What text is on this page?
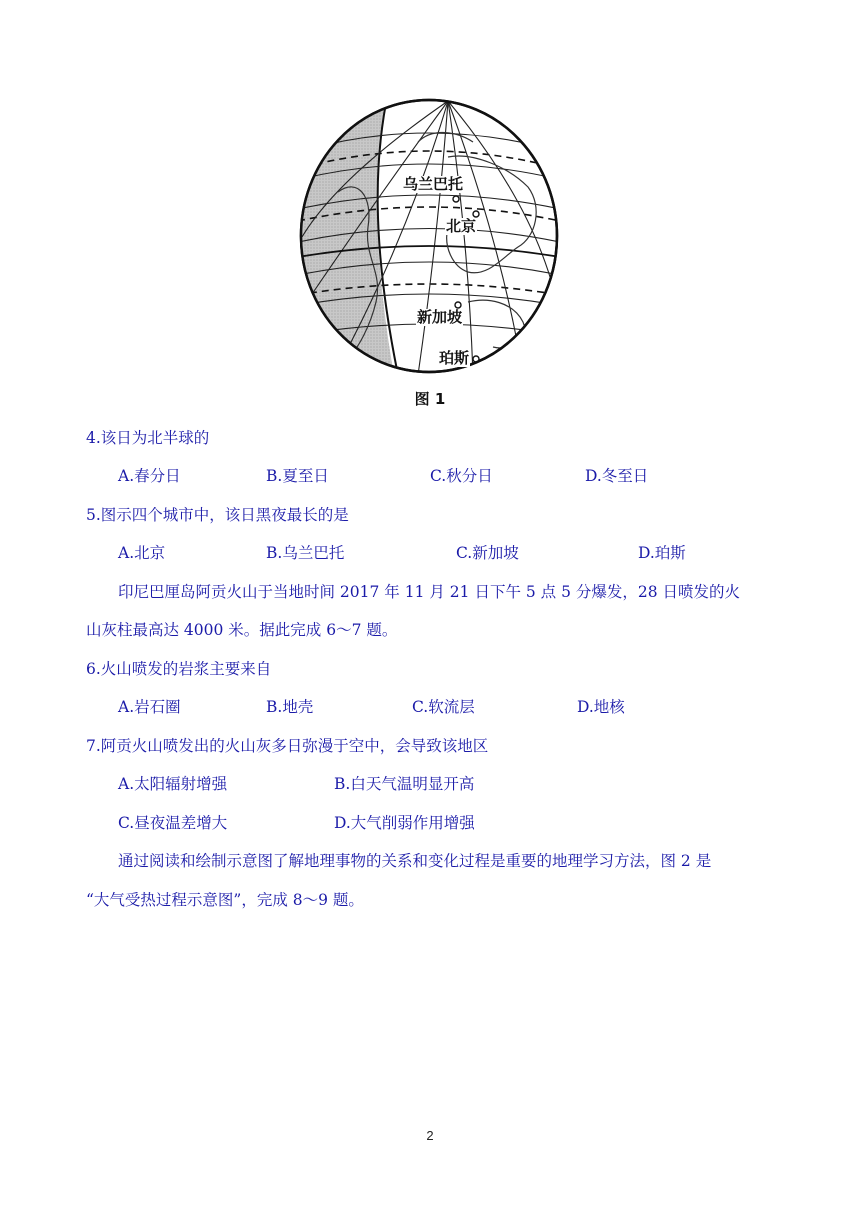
乌兰巴托
北京
新加坡
珀斯
图 1
4.该日为北半球的
A.春分日	B.夏至日	C.秋分日	D.冬至日
5.图示四个城市中，该日黑夜最长的是
A.北京	B.乌兰巴托	C.新加坡	D.珀斯
印尼巴厘岛阿贡火山于当地时间 2017 年 11 月 21 日下午 5 点 5 分爆发，28 日喷发的火
山灰柱最高达 4000 米。据此完成 6～7 题。
6.火山喷发的岩浆主要来自
A.岩石圈	B.地壳	C.软流层	D.地核
7.阿贡火山喷发出的火山灰多日弥漫于空中，会导致该地区
A.太阳辐射增强	B.白天气温明显开高
C.昼夜温差增大	D.大气削弱作用增强
通过阅读和绘制示意图了解地理事物的关系和变化过程是重要的地理学习方法，图 2 是
“大气受热过程示意图”，完成 8～9 题。
2
